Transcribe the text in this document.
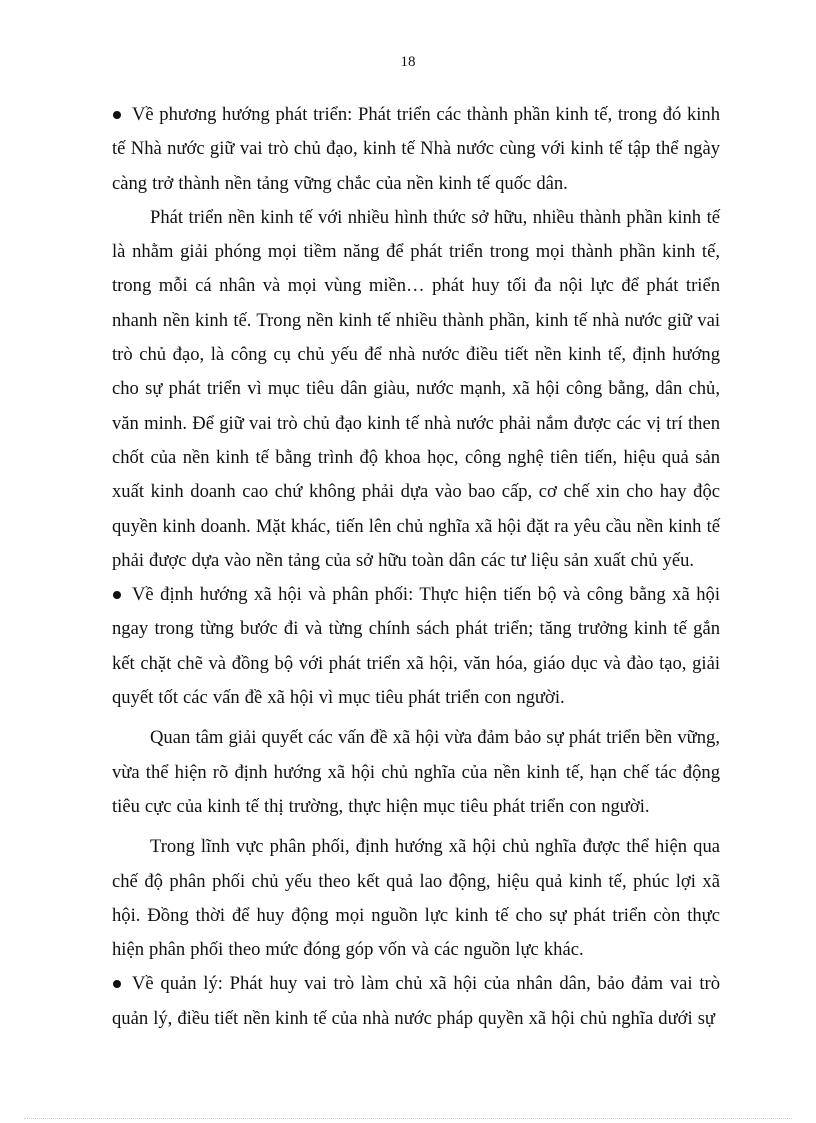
18

Về phương hướng phát triển: Phát triển các thành phần kinh tế, trong đó kinh tế Nhà nước giữ vai trò chủ đạo, kinh tế Nhà nước cùng với kinh tế tập thể ngày càng trở thành nền tảng vững chắc của nền kinh tế quốc dân.

Phát triển nền kinh tế với nhiều hình thức sở hữu, nhiều thành phần kinh tế là nhằm giải phóng mọi tiềm năng để phát triển trong mọi thành phần kinh tế, trong mỗi cá nhân và mọi vùng miền… phát huy tối đa nội lực để phát triển nhanh nền kinh tế. Trong nền kinh tế nhiều thành phần, kinh tế nhà nước giữ vai trò chủ đạo, là công cụ chủ yếu để nhà nước điều tiết nền kinh tế, định hướng cho sự phát triển vì mục tiêu dân giàu, nước mạnh, xã hội công bằng, dân chủ, văn minh. Để giữ vai trò chủ đạo kinh tế nhà nước phải nắm được các vị trí then chốt của nền kinh tế bằng trình độ khoa học, công nghệ tiên tiến, hiệu quả sản xuất kinh doanh cao chứ không phải dựa vào bao cấp, cơ chế xin cho hay độc quyền kinh doanh. Mặt khác, tiến lên chủ nghĩa xã hội đặt ra yêu cầu nền kinh tế phải được dựa vào nền tảng của sở hữu toàn dân các tư liệu sản xuất chủ yếu.

Về định hướng xã hội và phân phối: Thực hiện tiến bộ và công bằng xã hội ngay trong từng bước đi và từng chính sách phát triển; tăng trưởng kinh tế gắn kết chặt chẽ và đồng bộ với phát triển xã hội, văn hóa, giáo dục và đào tạo, giải quyết tốt các vấn đề xã hội vì mục tiêu phát triển con người.

Quan tâm giải quyết các vấn đề xã hội vừa đảm bảo sự phát triển bền vững, vừa thể hiện rõ định hướng xã hội chủ nghĩa của nền kinh tế, hạn chế tác động tiêu cực của kinh tế thị trường, thực hiện mục tiêu phát triển con người.

Trong lĩnh vực phân phối, định hướng xã hội chủ nghĩa được thể hiện qua chế độ phân phối chủ yếu theo kết quả lao động, hiệu quả kinh tế, phúc lợi xã hội. Đồng thời để huy động mọi nguồn lực kinh tế cho sự phát triển còn thực hiện phân phối theo mức đóng góp vốn và các nguồn lực khác.

Về quản lý: Phát huy vai trò làm chủ xã hội của nhân dân, bảo đảm vai trò quản lý, điều tiết nền kinh tế của nhà nước pháp quyền xã hội chủ nghĩa dưới sự
